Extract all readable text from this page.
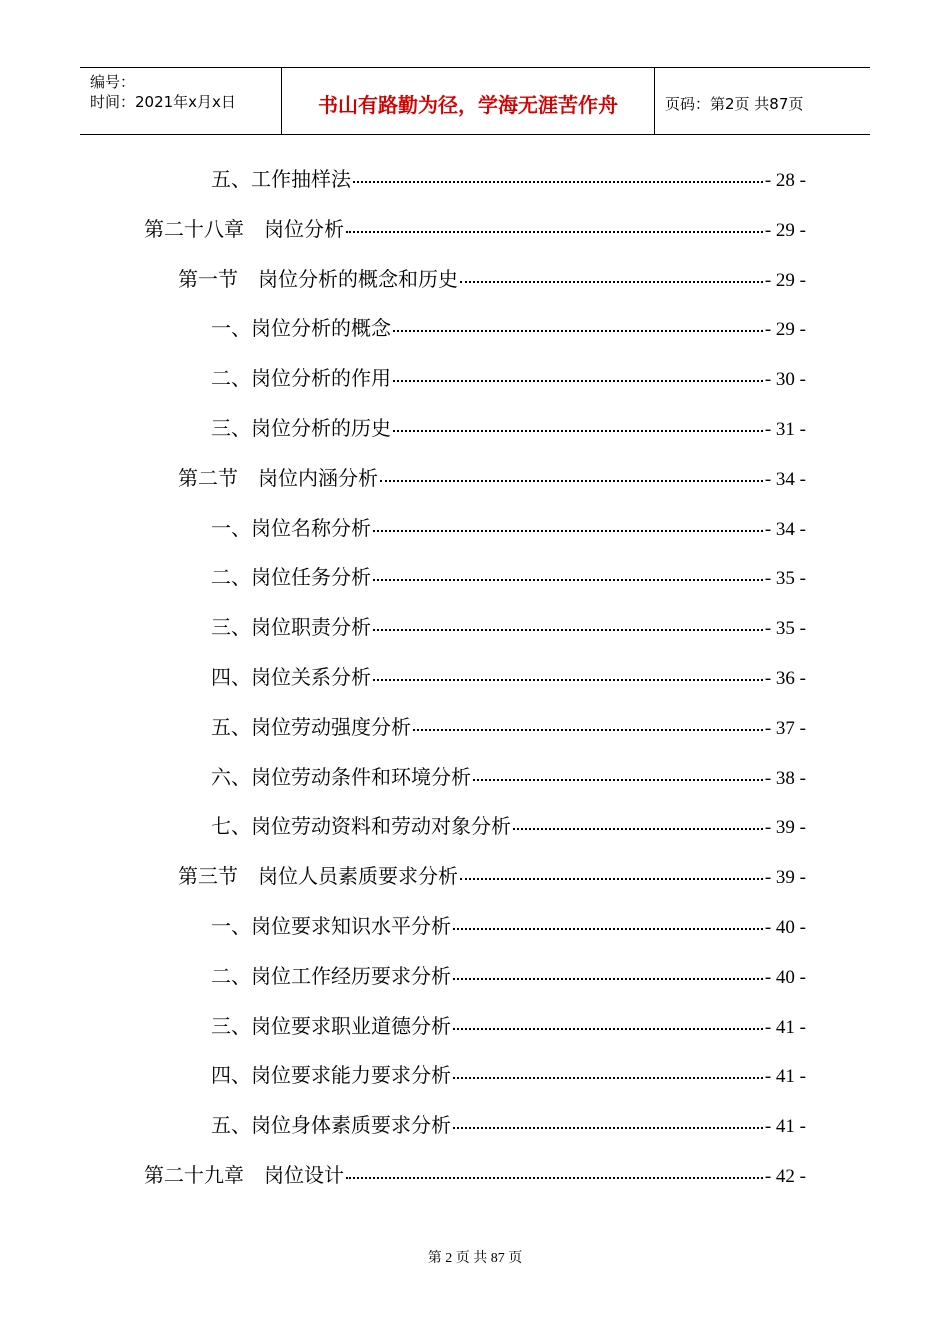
编号：
时间：2021年x月x日	书山有路勤为径，学海无涯苦作舟	页码：第2页 共87页
五、工作抽样法	- 28 -
第二十八章　岗位分析	- 29 -
第一节　岗位分析的概念和历史	- 29 -
一、岗位分析的概念	- 29 -
二、岗位分析的作用	- 30 -
三、岗位分析的历史	- 31 -
第二节　岗位内涵分析	- 34 -
一、岗位名称分析	- 34 -
二、岗位任务分析	- 35 -
三、岗位职责分析	- 35 -
四、岗位关系分析	- 36 -
五、岗位劳动强度分析	- 37 -
六、岗位劳动条件和环境分析	- 38 -
七、岗位劳动资料和劳动对象分析	- 39 -
第三节　岗位人员素质要求分析	- 39 -
一、岗位要求知识水平分析	- 40 -
二、岗位工作经历要求分析	- 40 -
三、岗位要求职业道德分析	- 41 -
四、岗位要求能力要求分析	- 41 -
五、岗位身体素质要求分析	- 41 -
第二十九章　岗位设计	- 42 -
第 2 页 共 87 页
